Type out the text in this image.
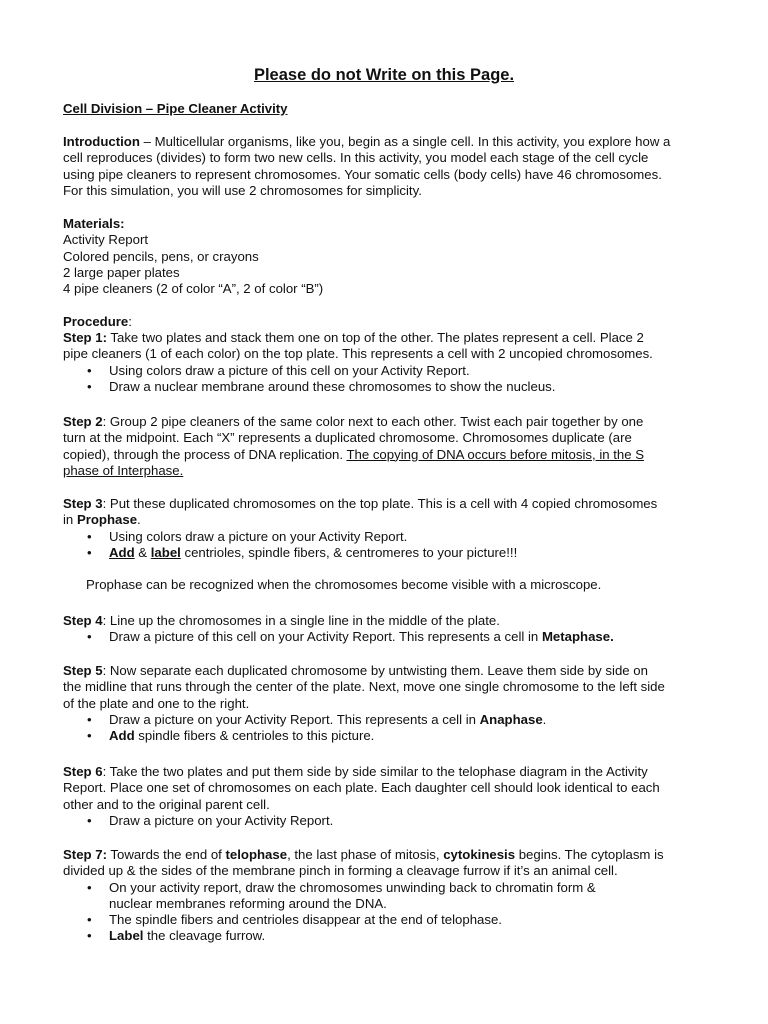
Please do not Write on this Page.
Cell Division – Pipe Cleaner Activity
Introduction – Multicellular organisms, like you, begin as a single cell. In this activity, you explore how a
cell reproduces (divides) to form two new cells. In this activity, you model each stage of the cell cycle
using pipe cleaners to represent chromosomes. Your somatic cells (body cells) have 46 chromosomes.
For this simulation, you will use 2 chromosomes for simplicity.
Materials:
Activity Report
Colored pencils, pens, or crayons
2 large paper plates
4 pipe cleaners (2 of color “A”, 2 of color “B”)
Procedure:
Step 1: Take two plates and stack them one on top of the other. The plates represent a cell. Place 2
pipe cleaners (1 of each color) on the top plate. This represents a cell with 2 uncopied chromosomes.
• Using colors draw a picture of this cell on your Activity Report.
• Draw a nuclear membrane around these chromosomes to show the nucleus.
Step 2: Group 2 pipe cleaners of the same color next to each other. Twist each pair together by one
turn at the midpoint. Each “X” represents a duplicated chromosome. Chromosomes duplicate (are
copied), through the process of DNA replication. The copying of DNA occurs before mitosis, in the S
phase of Interphase.
Step 3: Put these duplicated chromosomes on the top plate. This is a cell with 4 copied chromosomes
in Prophase.
• Using colors draw a picture on your Activity Report.
• Add & label centrioles, spindle fibers, & centromeres to your picture!!!
Prophase can be recognized when the chromosomes become visible with a microscope.
Step 4: Line up the chromosomes in a single line in the middle of the plate.
• Draw a picture of this cell on your Activity Report. This represents a cell in Metaphase.
Step 5: Now separate each duplicated chromosome by untwisting them. Leave them side by side on
the midline that runs through the center of the plate. Next, move one single chromosome to the left side
of the plate and one to the right.
• Draw a picture on your Activity Report. This represents a cell in Anaphase.
• Add spindle fibers & centrioles to this picture.
Step 6: Take the two plates and put them side by side similar to the telophase diagram in the Activity
Report. Place one set of chromosomes on each plate. Each daughter cell should look identical to each
other and to the original parent cell.
• Draw a picture on your Activity Report.
Step 7: Towards the end of telophase, the last phase of mitosis, cytokinesis begins. The cytoplasm is
divided up & the sides of the membrane pinch in forming a cleavage furrow if it’s an animal cell.
• On your activity report, draw the chromosomes unwinding back to chromatin form & nuclear membranes reforming around the DNA.
• The spindle fibers and centrioles disappear at the end of telophase.
• Label the cleavage furrow.
